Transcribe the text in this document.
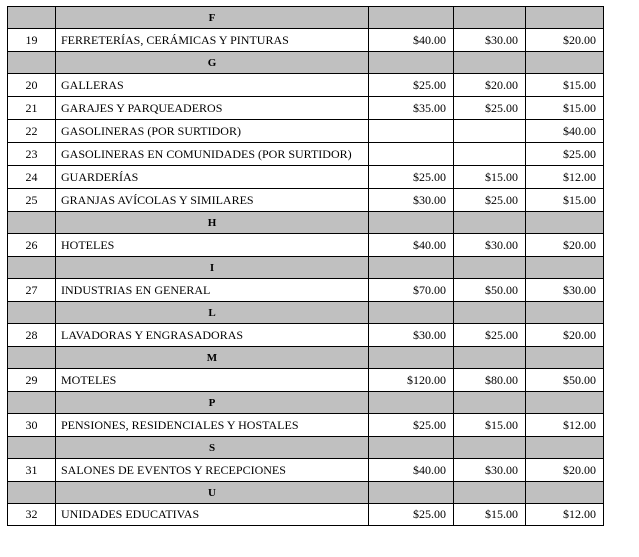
	F			
19	FERRETERÍAS, CERÁMICAS Y PINTURAS	$40.00	$30.00	$20.00
	G			
20	GALLERAS	$25.00	$20.00	$15.00
21	GARAJES Y PARQUEADEROS	$35.00	$25.00	$15.00
22	GASOLINERAS (POR SURTIDOR)			$40.00
23	GASOLINERAS EN COMUNIDADES (POR SURTIDOR)			$25.00
24	GUARDERÍAS	$25.00	$15.00	$12.00
25	GRANJAS AVÍCOLAS Y SIMILARES	$30.00	$25.00	$15.00
	H			
26	HOTELES	$40.00	$30.00	$20.00
	I			
27	INDUSTRIAS EN GENERAL	$70.00	$50.00	$30.00
	L			
28	LAVADORAS Y ENGRASADORAS	$30.00	$25.00	$20.00
	M			
29	MOTELES	$120.00	$80.00	$50.00
	P			
30	PENSIONES, RESIDENCIALES Y HOSTALES	$25.00	$15.00	$12.00
	S			
31	SALONES DE EVENTOS Y RECEPCIONES	$40.00	$30.00	$20.00
	U			
32	UNIDADES EDUCATIVAS	$25.00	$15.00	$12.00
